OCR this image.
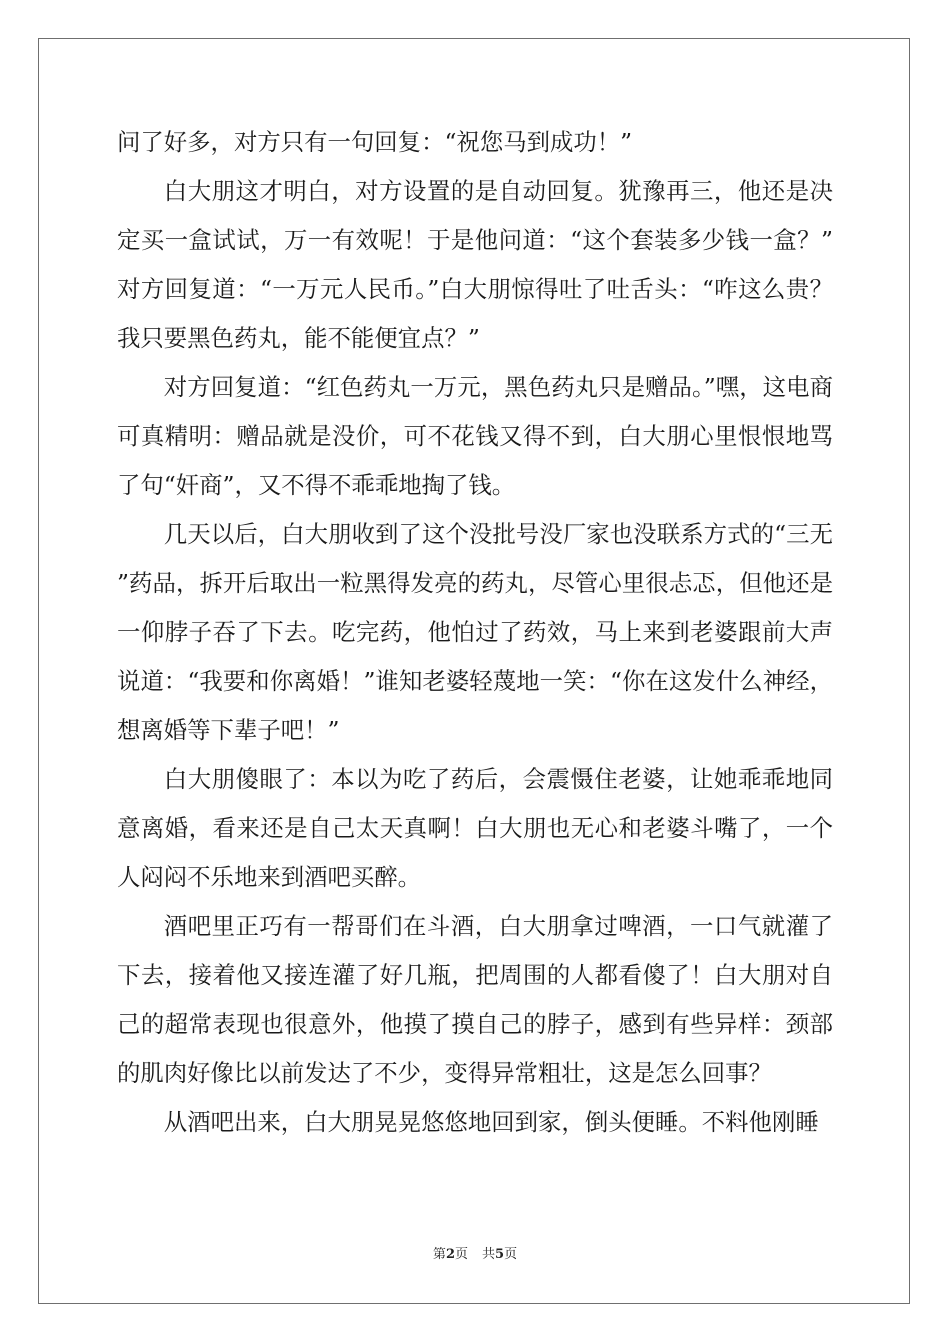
问了好多，对方只有一句回复：“祝您马到成功！”

白大朋这才明白，对方设置的是自动回复。犹豫再三，他还是决定买一盒试试，万一有效呢！于是他问道：“这个套装多少钱一盒？”对方回复道：“一万元人民币。”白大朋惊得吐了吐舌头：“咋这么贵？我只要黑色药丸，能不能便宜点？”

对方回复道：“红色药丸一万元，黑色药丸只是赠品。”嘿，这电商可真精明：赠品就是没价，可不花钱又得不到，白大朋心里恨恨地骂了句“奸商”，又不得不乖乖地掏了钱。

几天以后，白大朋收到了这个没批号没厂家也没联系方式的“三无”药品，拆开后取出一粒黑得发亮的药丸，尽管心里很忐忑，但他还是一仰脖子吞了下去。吃完药，他怕过了药效，马上来到老婆跟前大声说道：“我要和你离婚！”谁知老婆轻蔑地一笑：“你在这发什么神经，想离婚等下辈子吧！”

白大朋傻眼了：本以为吃了药后，会震慑住老婆，让她乖乖地同意离婚，看来还是自己太天真啊！白大朋也无心和老婆斗嘴了，一个人闷闷不乐地来到酒吧买醉。

酒吧里正巧有一帮哥们在斗酒，白大朋拿过啤酒，一口气就灌了下去，接着他又接连灌了好几瓶，把周围的人都看傻了！白大朋对自己的超常表现也很意外，他摸了摸自己的脖子，感到有些异样：颈部的肌肉好像比以前发达了不少，变得异常粗壮，这是怎么回事？

从酒吧出来，白大朋晃晃悠悠地回到家，倒头便睡。不料他刚睡

第2页 共5页
